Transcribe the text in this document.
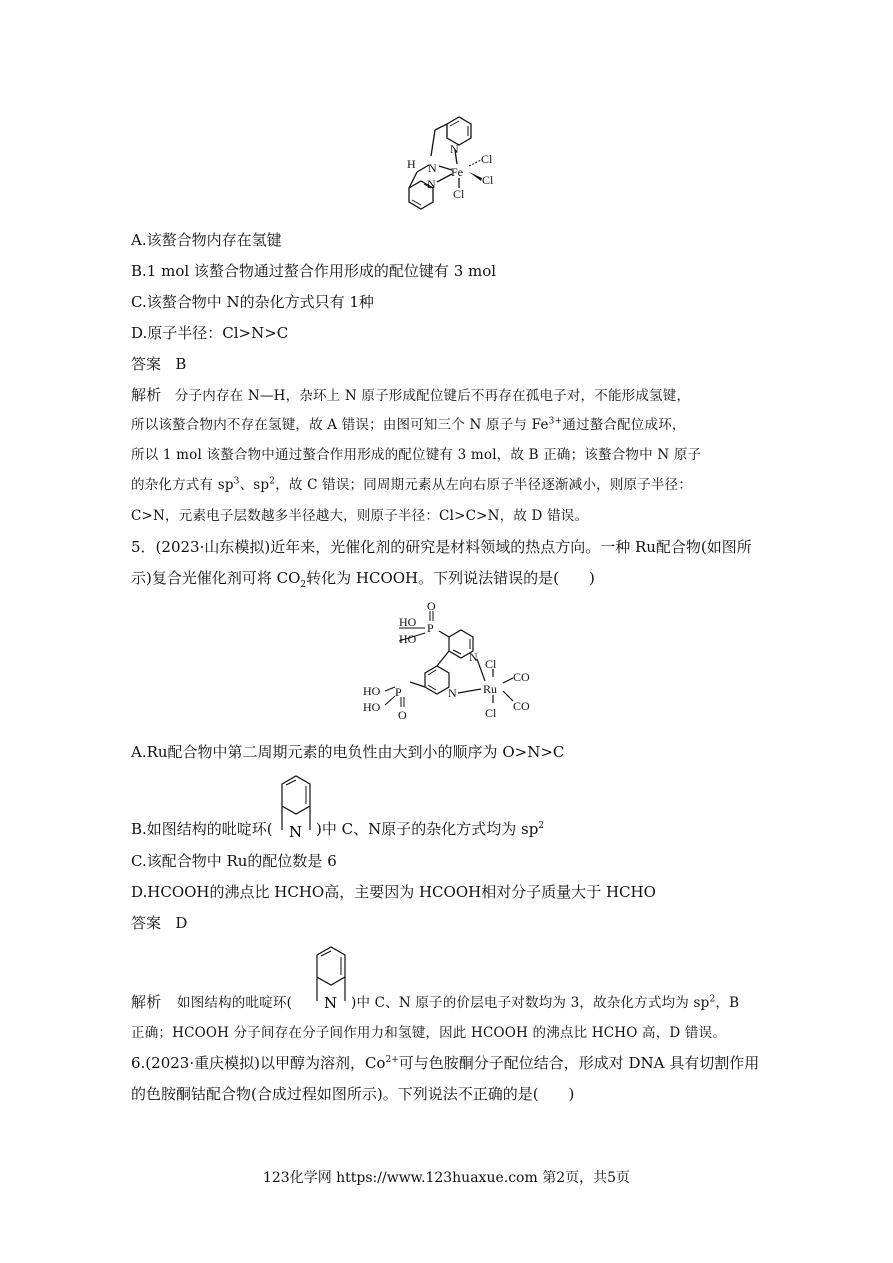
H N
N
N
Fe
Cl
Cl
Cl
A.该螯合物内存在氢键
B.1 mol 该螯合物通过螯合作用形成的配位键有 3 mol
C.该螯合物中 N的杂化方式只有 1种
D.原子半径：Cl>N>C
答案 B
解析 分子内存在 N—H，杂环上 N 原子形成配位键后不再存在孤电子对，不能形成氢键，
所以该螯合物内不存在氢键，故 A 错误；由图可知三个 N 原子与 $Fe^{3+}$通过螯合配位成环，
所以 1 mol 该螯合物中通过螯合作用形成的配位键有 3 mol，故 B 正确；该螯合物中 N 原子
的杂化方式有 $sp^3$、$sp^2$，故 C 错误；同周期元素从左向右原子半径逐渐减小，则原子半径：
C>N，元素电子层数越多半径越大，则原子半径：Cl>C>N，故 D 错误。
5．(2023·山东模拟)近年来，光催化剂的研究是材料领域的热点方向。一种 Ru配合物(如图所
示)复合光催化剂可将 $CO_2$转化为 HCOOH。下列说法错误的是(　　)
O
HO P
HO
N Cl
Ru
CO
HO P
HO
O
N
CO
Cl
A.Ru配合物中第二周期元素的电负性由大到小的顺序为 O>N>C
B.如图结构的吡啶环( N )中 C、N原子的杂化方式均为 $sp^2$
C.该配合物中 Ru的配位数是 6
D.HCOOH的沸点比 HCHO高，主要因为 HCOOH相对分子质量大于 HCHO
答案 D
解析 如图结构的吡啶环( N )中 C、N 原子的价层电子对数均为 3，故杂化方式均为 $sp^2$，B
正确；HCOOH 分子间存在分子间作用力和氢键，因此 HCOOH 的沸点比 HCHO 高，D 错误。
6.(2023·重庆模拟)以甲醇为溶剂，$Co^{2+}$可与色胺酮分子配位结合，形成对 DNA 具有切割作用
的色胺酮钴配合物(合成过程如图所示)。下列说法不正确的是(　　)
123化学网 https://www.123huaxue.com 第2页，共5页
